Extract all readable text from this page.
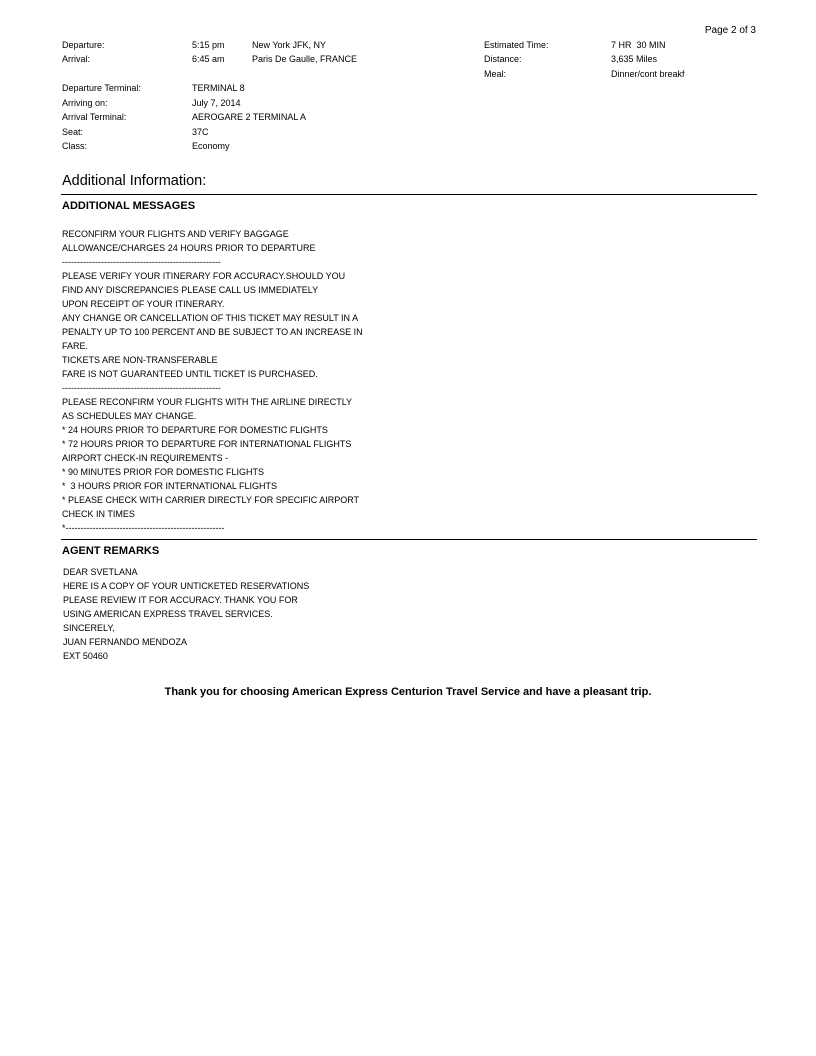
Page 2 of 3
Departure:	5:15 pm	New York JFK, NY
Arrival:	6:45 am	Paris De Gaulle, FRANCE
Estimated Time:	7 HR  30 MIN
Distance:	3,635 Miles
Meal:	Dinner/cont breakf
Departure Terminal:	TERMINAL 8
Arriving on:	July 7, 2014
Arrival Terminal:	AEROGARE 2 TERMINAL A
Seat:	37C
Class:	Economy
Additional Information:
ADDITIONAL MESSAGES
RECONFIRM YOUR FLIGHTS AND VERIFY BAGGAGE
ALLOWANCE/CHARGES 24 HOURS PRIOR TO DEPARTURE
-----------------------------------------------------
PLEASE VERIFY YOUR ITINERARY FOR ACCURACY.SHOULD YOU
FIND ANY DISCREPANCIES PLEASE CALL US IMMEDIATELY
UPON RECEIPT OF YOUR ITINERARY.
ANY CHANGE OR CANCELLATION OF THIS TICKET MAY RESULT IN A
PENALTY UP TO 100 PERCENT AND BE SUBJECT TO AN INCREASE IN
FARE.
TICKETS ARE NON-TRANSFERABLE
FARE IS NOT GUARANTEED UNTIL TICKET IS PURCHASED.
-----------------------------------------------------
PLEASE RECONFIRM YOUR FLIGHTS WITH THE AIRLINE DIRECTLY
AS SCHEDULES MAY CHANGE.
* 24 HOURS PRIOR TO DEPARTURE FOR DOMESTIC FLIGHTS
* 72 HOURS PRIOR TO DEPARTURE FOR INTERNATIONAL FLIGHTS
AIRPORT CHECK-IN REQUIREMENTS -
* 90 MINUTES PRIOR FOR DOMESTIC FLIGHTS
*  3 HOURS PRIOR FOR INTERNATIONAL FLIGHTS
* PLEASE CHECK WITH CARRIER DIRECTLY FOR SPECIFIC AIRPORT
CHECK IN TIMES
*-----------------------------------------------------
AGENT REMARKS
DEAR SVETLANA
HERE IS A COPY OF YOUR UNTICKETED RESERVATIONS
PLEASE REVIEW IT FOR ACCURACY. THANK YOU FOR
USING AMERICAN EXPRESS TRAVEL SERVICES.
SINCERELY,
JUAN FERNANDO MENDOZA
EXT 50460
Thank you for choosing American Express Centurion Travel Service and have a pleasant trip.
